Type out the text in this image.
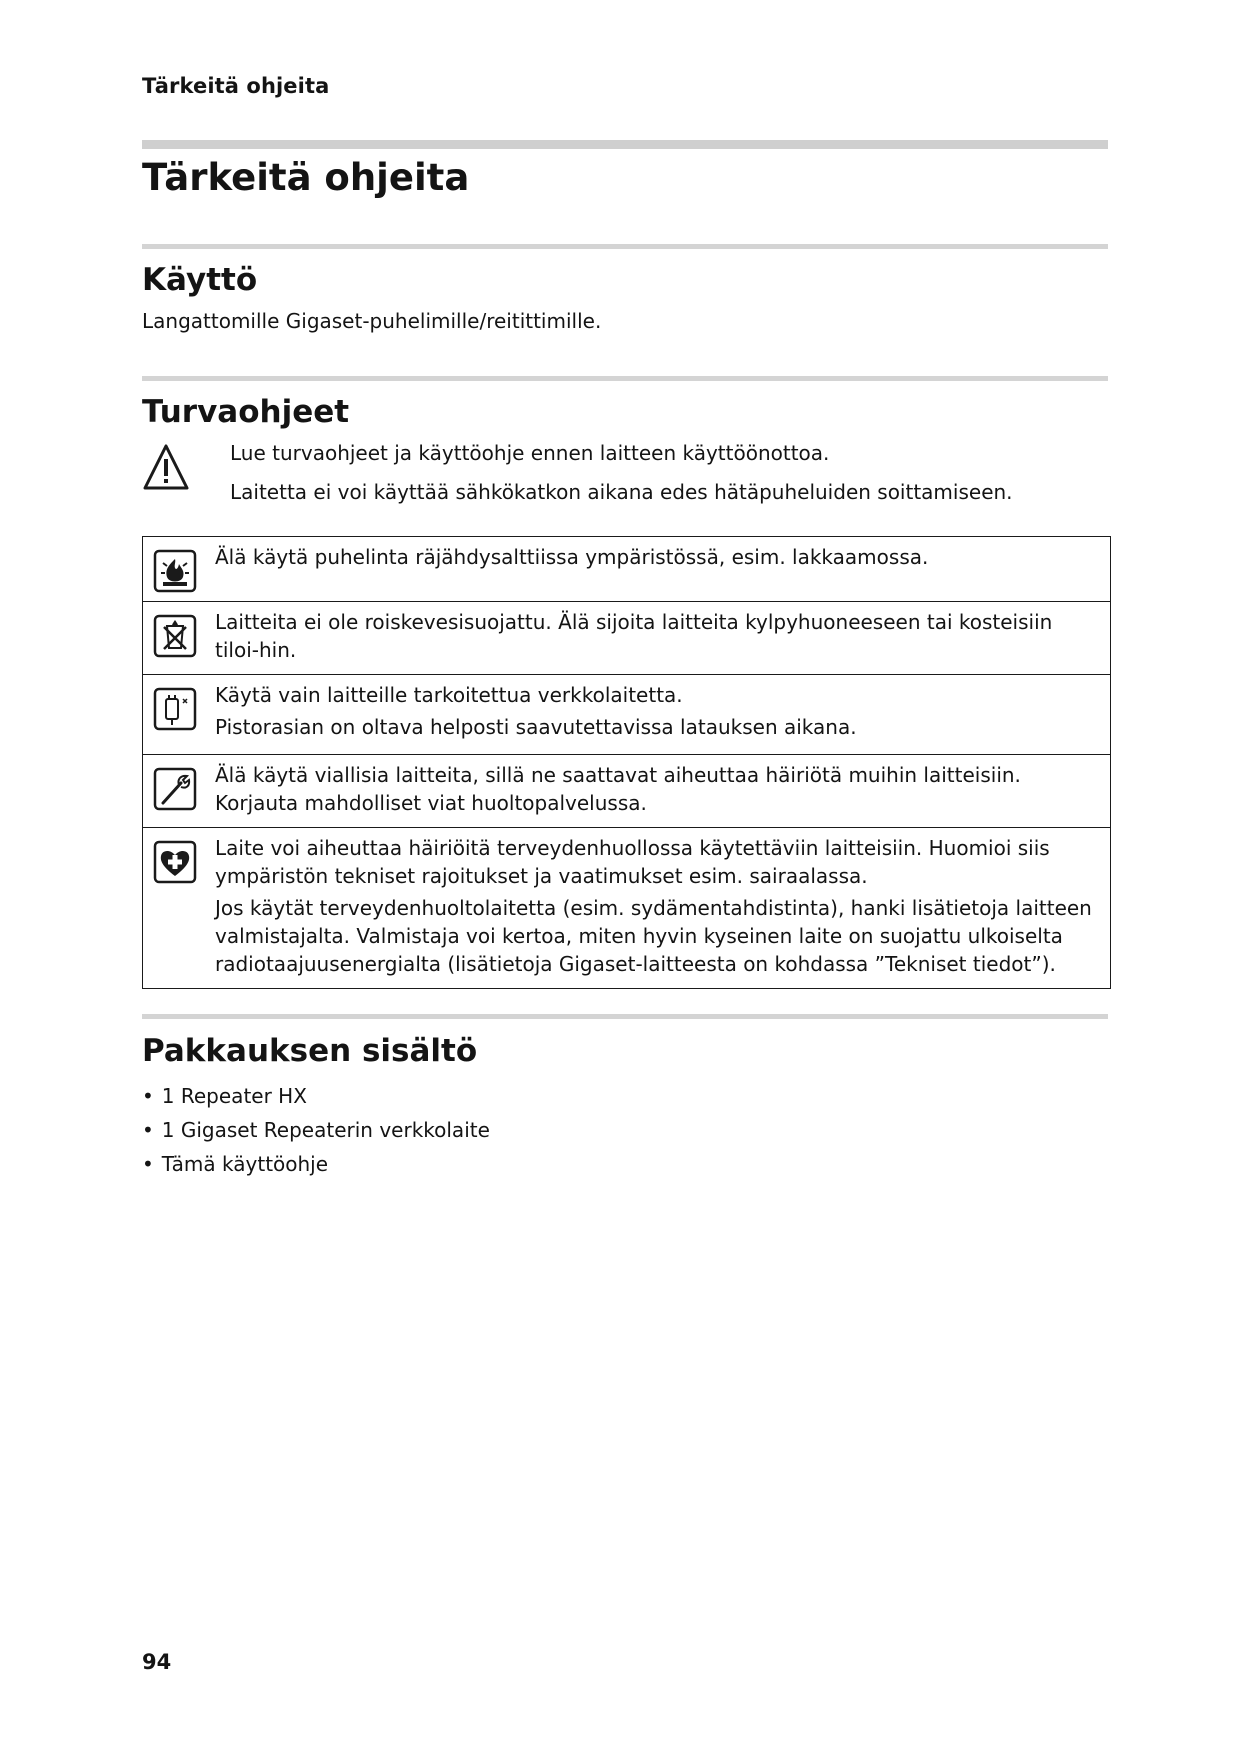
Tärkeitä ohjeita
Tärkeitä ohjeita
Käyttö

Langattomille Gigaset-puhelimille/reitittimille.

Turvaohjeet

Lue turvaohjeet ja käyttöohje ennen laitteen käyttöönottoa.

Laitetta ei voi käyttää sähkökatkon aikana edes hätäpuheluiden soittamiseen.

Älä käytä puhelinta räjähdysalttiissa ympäristössä, esim. lakkaamossa.

Laitteita ei ole roiskevesisuojattu. Älä sijoita laitteita kylpyhuoneeseen tai kosteisiin tiloi-hin.

Käytä vain laitteille tarkoitettua verkkolaitetta.

Pistorasian on oltava helposti saavutettavissa latauksen aikana.

Älä käytä viallisia laitteita, sillä ne saattavat aiheuttaa häiriötä muihin laitteisiin. Korjauta mahdolliset viat huoltopalvelussa.

Laite voi aiheuttaa häiriöitä terveydenhuollossa käytettäviin laitteisiin. Huomioi siis ympäristön tekniset rajoitukset ja vaatimukset esim. sairaalassa.

Jos käytät terveydenhuoltolaitetta (esim. sydämentahdistinta), hanki lisätietoja laitteen valmistajalta. Valmistaja voi kertoa, miten hyvin kyseinen laite on suojattu ulkoiselta radiotaajuusenergialta (lisätietoja Gigaset-laitteesta on kohdassa ”Tekniset tiedot”).

Pakkauksen sisältö
• 1 Repeater HX
• 1 Gigaset Repeaterin verkkolaite
• Tämä käyttöohje
94
